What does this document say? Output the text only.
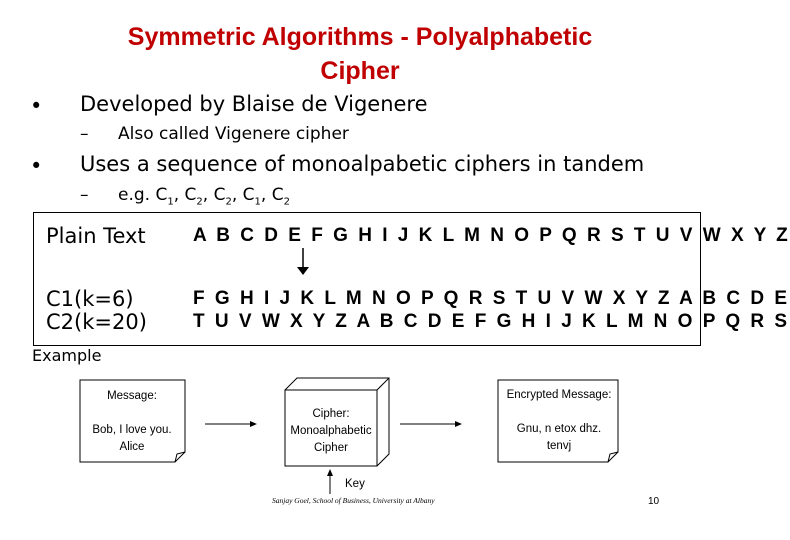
Symmetric Algorithms - Polyalphabetic
Cipher
• Developed by Blaise de Vigenere
– Also called Vigenere cipher
• Uses a sequence of monoalpabetic ciphers in tandem
– e.g. $C_1$, $C_2$, $C_2$, $C_1$, $C_2$
Plain Text A B C D E F G H I J K L M N O P Q R S T U V W X Y Z
C1(k=6)
C2(k=20)
F G H I J K L M N O P Q R S T U V W X Y Z A B C D E
T U V W X Y Z A B C D E F G H I J K L M N O P Q R S
Example
Message:
Bob, I love you. Alice
Cipher: Monoalphabetic Cipher
Encrypted Message:
Gnu, n etox dhz. tenvj
Key
Sanjay Goel, School of Business, University at Albany	10
